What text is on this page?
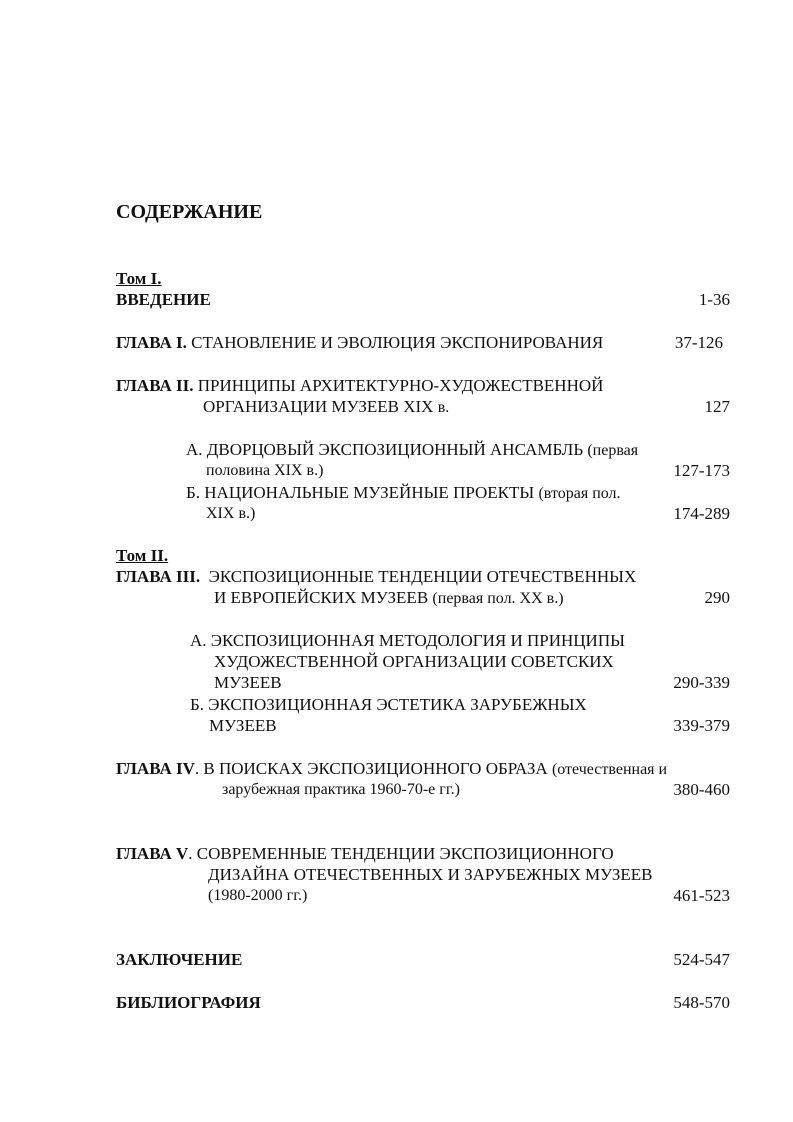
СОДЕРЖАНИЕ
Том I.
ВВЕДЕНИЕ	1-36
ГЛАВА I. СТАНОВЛЕНИЕ И ЭВОЛЮЦИЯ ЭКСПОНИРОВАНИЯ	37-126
ГЛАВА II. ПРИНЦИПЫ АРХИТЕКТУРНО-ХУДОЖЕСТВЕННОЙ
ОРГАНИЗАЦИИ МУЗЕЕВ XIX в.	127
А. ДВОРЦОВЫЙ ЭКСПОЗИЦИОННЫЙ АНСАМБЛЬ (первая
половина XIX в.)	127-173
Б. НАЦИОНАЛЬНЫЕ МУЗЕЙНЫЕ ПРОЕКТЫ (вторая пол.
XIX в.)	174-289
Том II.
ГЛАВА III. ЭКСПОЗИЦИОННЫЕ ТЕНДЕНЦИИ ОТЕЧЕСТВЕННЫХ
И ЕВРОПЕЙСКИХ МУЗЕЕВ (первая пол. XX в.)	290
А. ЭКСПОЗИЦИОННАЯ МЕТОДОЛОГИЯ И ПРИНЦИПЫ
ХУДОЖЕСТВЕННОЙ ОРГАНИЗАЦИИ СОВЕТСКИХ
МУЗЕЕВ	290-339
Б. ЭКСПОЗИЦИОННАЯ ЭСТЕТИКА ЗАРУБЕЖНЫХ
МУЗЕЕВ	339-379
ГЛАВА IV. В ПОИСКАХ ЭКСПОЗИЦИОННОГО ОБРАЗА (отечественная и
зарубежная практика 1960-70-е гг.)	380-460
ГЛАВА V. СОВРЕМЕННЫЕ ТЕНДЕНЦИИ ЭКСПОЗИЦИОННОГО
ДИЗАЙНА ОТЕЧЕСТВЕННЫХ И ЗАРУБЕЖНЫХ МУЗЕЕВ
(1980-2000 гг.)	461-523
ЗАКЛЮЧЕНИЕ	524-547
БИБЛИОГРАФИЯ	548-570
